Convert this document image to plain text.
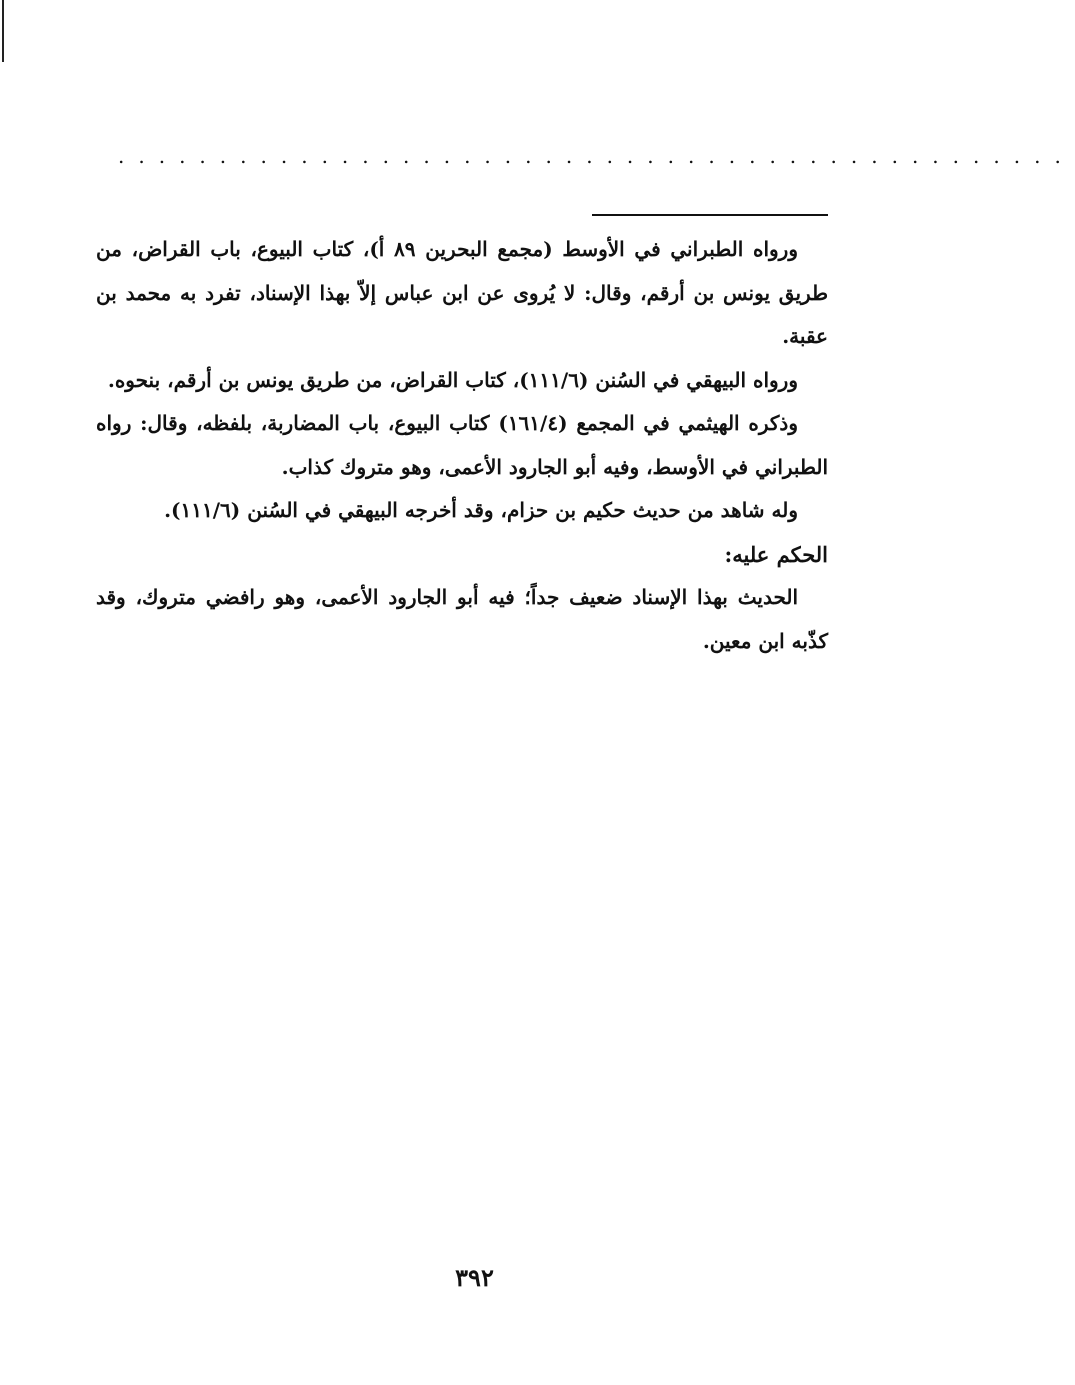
...............................................

ورواه الطبراني في الأوسط (مجمع البحرين ٨٩ أ)، كتاب البيوع، باب القراض، من طريق يونس بن أرقم، وقال: لا يُروى عن ابن عباس إلاّ بهذا الإسناد، تفرد به محمد بن عقبة.

ورواه البيهقي في السُنن (١١١/٦)، كتاب القراض، من طريق يونس بن أرقم، بنحوه.

وذكره الهيثمي في المجمع (١٦١/٤) كتاب البيوع، باب المضاربة، بلفظه، وقال: رواه الطبراني في الأوسط، وفيه أبو الجارود الأعمى، وهو متروك كذاب.

وله شاهد من حديث حكيم بن حزام، وقد أخرجه البيهقي في السُنن (١١١/٦).

الحكم عليه:

الحديث بهذا الإسناد ضعيف جداً؛ فيه أبو الجارود الأعمى، وهو رافضي متروك، وقد كذّبه ابن معين.

٣٩٢
